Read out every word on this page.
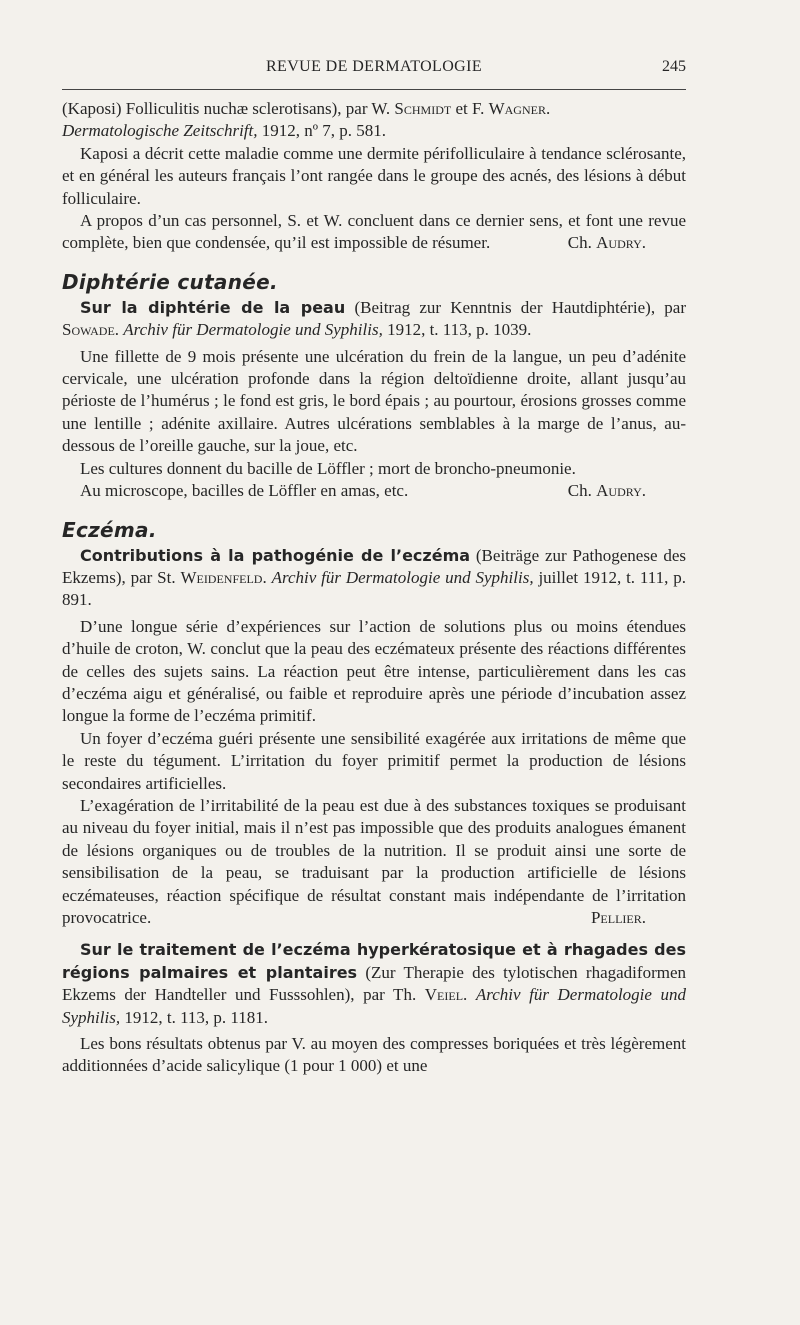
REVUE DE DERMATOLOGIE	245

(Kaposi) Folliculitis nuchæ sclerotisans), par W. Schmidt et F. Wagner.
Dermatologische Zeitschrift, 1912, nº 7, p. 581.

Kaposi a décrit cette maladie comme une dermite périfolliculaire à tendance sclérosante, et en général les auteurs français l’ont rangée dans le groupe des acnés, des lésions à début folliculaire.

A propos d’un cas personnel, S. et W. concluent dans ce dernier sens, et font une revue complète, bien que condensée, qu’il est impossible de résumer.	Ch. Audry.
Diphtérie cutanée.

Sur la diphtérie de la peau (Beitrag zur Kenntnis der Hautdiphtérie), par Sowade. Archiv für Dermatologie und Syphilis, 1912, t. 113, p. 1039.

Une fillette de 9 mois présente une ulcération du frein de la langue, un peu d’adénite cervicale, une ulcération profonde dans la région deltoïdienne droite, allant jusqu’au périoste de l’humérus ; le fond est gris, le bord épais ; au pourtour, érosions grosses comme une lentille ; adénite axillaire. Autres ulcérations semblables à la marge de l’anus, au-dessous de l’oreille gauche, sur la joue, etc.

Les cultures donnent du bacille de Löffler ; mort de broncho-pneumonie.

Au microscope, bacilles de Löffler en amas, etc.	Ch. Audry.

Eczéma.

Contributions à la pathogénie de l’eczéma (Beiträge zur Pathogenese des Ekzems), par St. Weidenfeld. Archiv für Dermatologie und Syphilis, juillet 1912, t. 111, p. 891.

D’une longue série d’expériences sur l’action de solutions plus ou moins étendues d’huile de croton, W. conclut que la peau des eczémateux présente des réactions différentes de celles des sujets sains. La réaction peut être intense, particulièrement dans les cas d’eczéma aigu et généralisé, ou faible et reproduire après une période d’incubation assez longue la forme de l’eczéma primitif.

Un foyer d’eczéma guéri présente une sensibilité exagérée aux irritations de même que le reste du tégument. L’irritation du foyer primitif permet la production de lésions secondaires artificielles.

L’exagération de l’irritabilité de la peau est due à des substances toxiques se produisant au niveau du foyer initial, mais il n’est pas impossible que des produits analogues émanent de lésions organiques ou de troubles de la nutrition. Il se produit ainsi une sorte de sensibilisation de la peau, se traduisant par la production artificielle de lésions eczémateuses, réaction spécifique de résultat constant mais indépendante de l’irritation provocatrice.	Pellier.

Sur le traitement de l’eczéma hyperkératosique et à rhagades des régions palmaires et plantaires (Zur Therapie des tylotischen rhagadiformen Ekzems der Handteller und Fusssohlen), par Th. Veiel. Archiv für Dermatologie und Syphilis, 1912, t. 113, p. 1181.

Les bons résultats obtenus par V. au moyen des compresses boriquées et très légèrement additionnées d’acide salicylique (1 pour 1 000) et une
